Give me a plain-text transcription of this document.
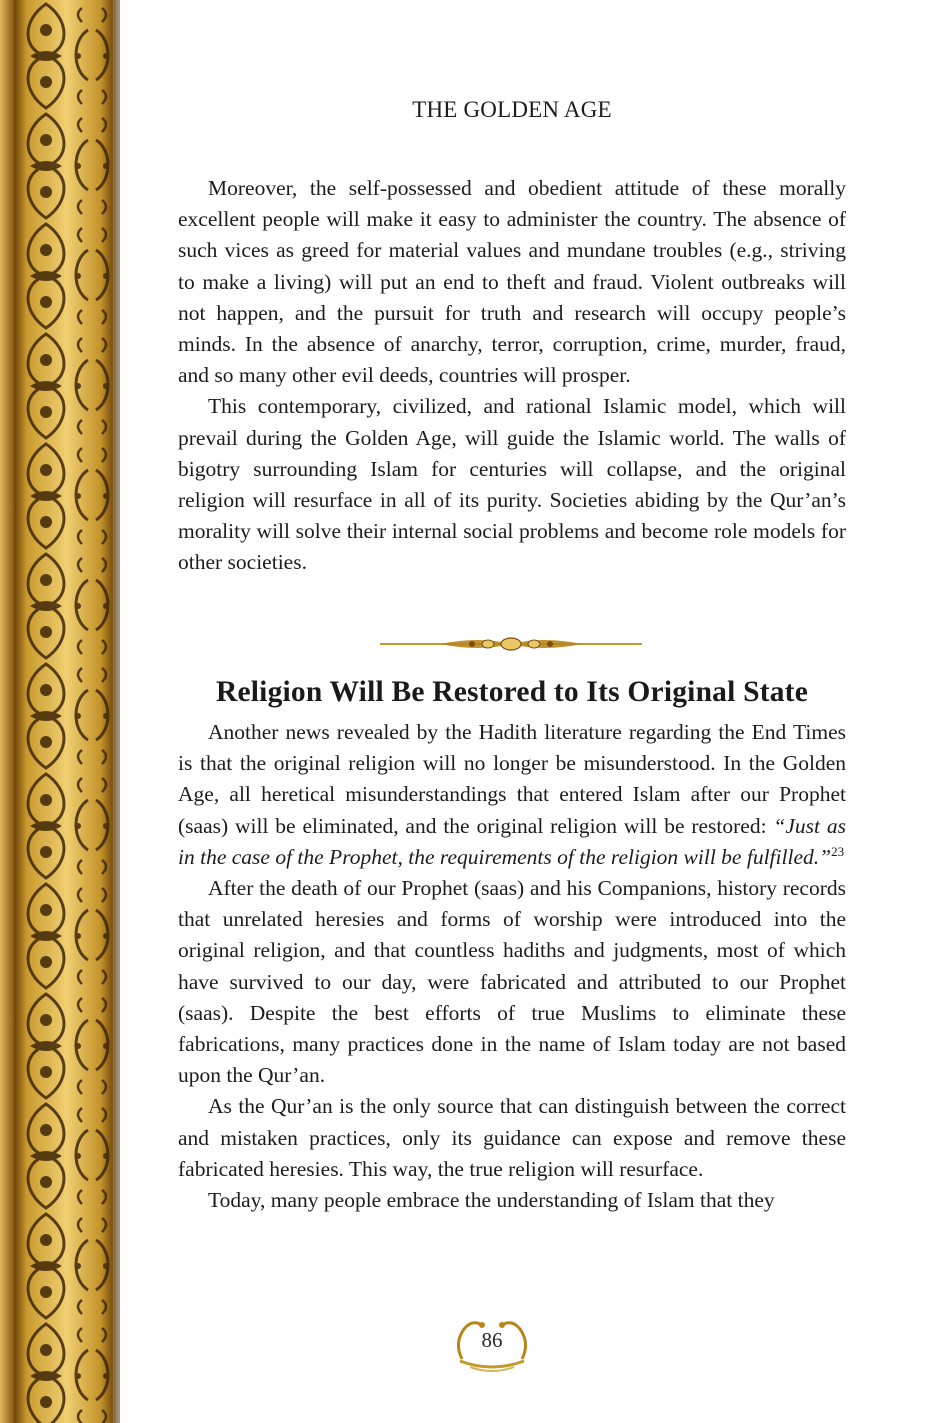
THE GOLDEN AGE

Moreover, the self-possessed and obedient attitude of these morally excellent people will make it easy to administer the country. The absence of such vices as greed for material values and mundane troubles (e.g., striving to make a living) will put an end to theft and fraud. Violent outbreaks will not happen, and the pursuit for truth and research will occupy people’s minds. In the absence of anarchy, terror, corruption, crime, murder, fraud, and so many other evil deeds, countries will prosper.

This contemporary, civilized, and rational Islamic model, which will prevail during the Golden Age, will guide the Islamic world. The walls of bigotry surrounding Islam for centuries will collapse, and the original religion will resurface in all of its purity. Societies abiding by the Qur’an’s morality will solve their internal social problems and become role models for other societies.

Religion Will Be Restored to Its Original State

Another news revealed by the Hadith literature regarding the End Times is that the original religion will no longer be misunderstood. In the Golden Age, all heretical misunderstandings that entered Islam after our Prophet (saas) will be eliminated, and the original religion will be restored: “Just as in the case of the Prophet, the requirements of the religion will be fulfilled.”$^{23}$

After the death of our Prophet (saas) and his Companions, history records that unrelated heresies and forms of worship were introduced into the original religion, and that countless hadiths and judgments, most of which have survived to our day, were fabricated and attributed to our Prophet (saas). Despite the best efforts of true Muslims to eliminate these fabrications, many practices done in the name of Islam today are not based upon the Qur’an.

As the Qur’an is the only source that can distinguish between the correct and mistaken practices, only its guidance can expose and remove these fabricated heresies. This way, the true religion will resurface.

Today, many people embrace the understanding of Islam that they

86
